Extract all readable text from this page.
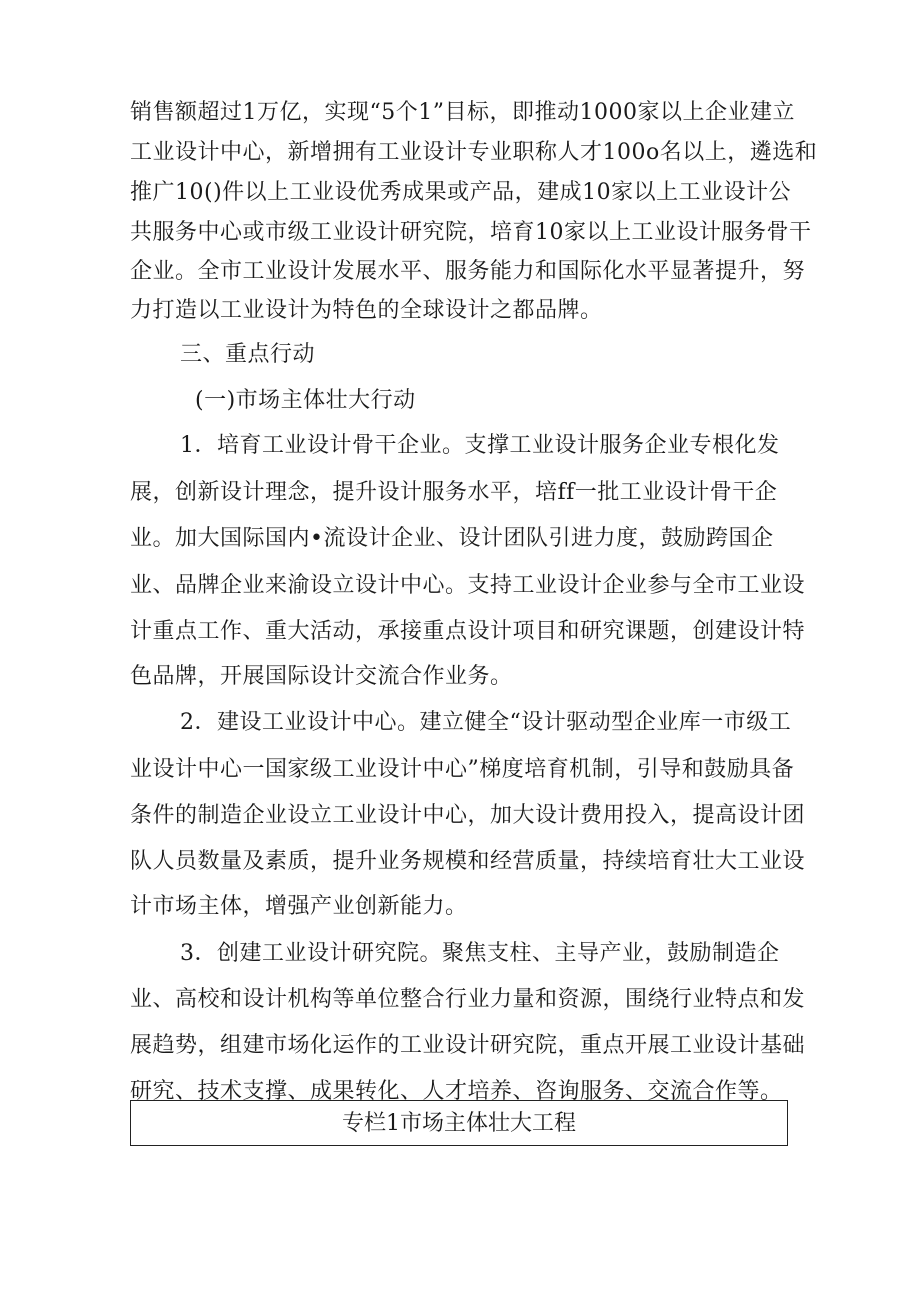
销售额超过1万亿，实现“5个1”目标，即推动1000家以上企业建立
工业设计中心，新增拥有工业设计专业职称人才100o名以上，遴选和
推广10()件以上工业设优秀成果或产品，建成10家以上工业设计公
共服务中心或市级工业设计研究院，培育10家以上工业设计服务骨干
企业。全市工业设计发展水平、服务能力和国际化水平显著提升，努
力打造以工业设计为特色的全球设计之都品牌。
三、重点行动
(一)市场主体壮大行动
1．培育工业设计骨干企业。支撑工业设计服务企业专根化发
展，创新设计理念，提升设计服务水平，培ff一批工业设计骨干企
业。加大国际国内•流设计企业、设计团队引进力度，鼓励跨国企
业、品牌企业来渝设立设计中心。支持工业设计企业参与全市工业设
计重点工作、重大活动，承接重点设计项目和研究课题，创建设计特
色品牌，开展国际设计交流合作业务。
2．建设工业设计中心。建立健全“设计驱动型企业库一市级工
业设计中心一国家级工业设计中心”梯度培育机制，引导和鼓励具备
条件的制造企业设立工业设计中心，加大设计费用投入，提高设计团
队人员数量及素质，提升业务规模和经营质量，持续培育壮大工业设
计市场主体，增强产业创新能力。
3．创建工业设计研究院。聚焦支柱、主导产业，鼓励制造企
业、高校和设计机构等单位整合行业力量和资源，围绕行业特点和发
展趋势，组建市场化运作的工业设计研究院，重点开展工业设计基础
研究、技术支撑、成果转化、人才培养、咨询服务、交流合作等。
专栏1市场主体壮大工程
